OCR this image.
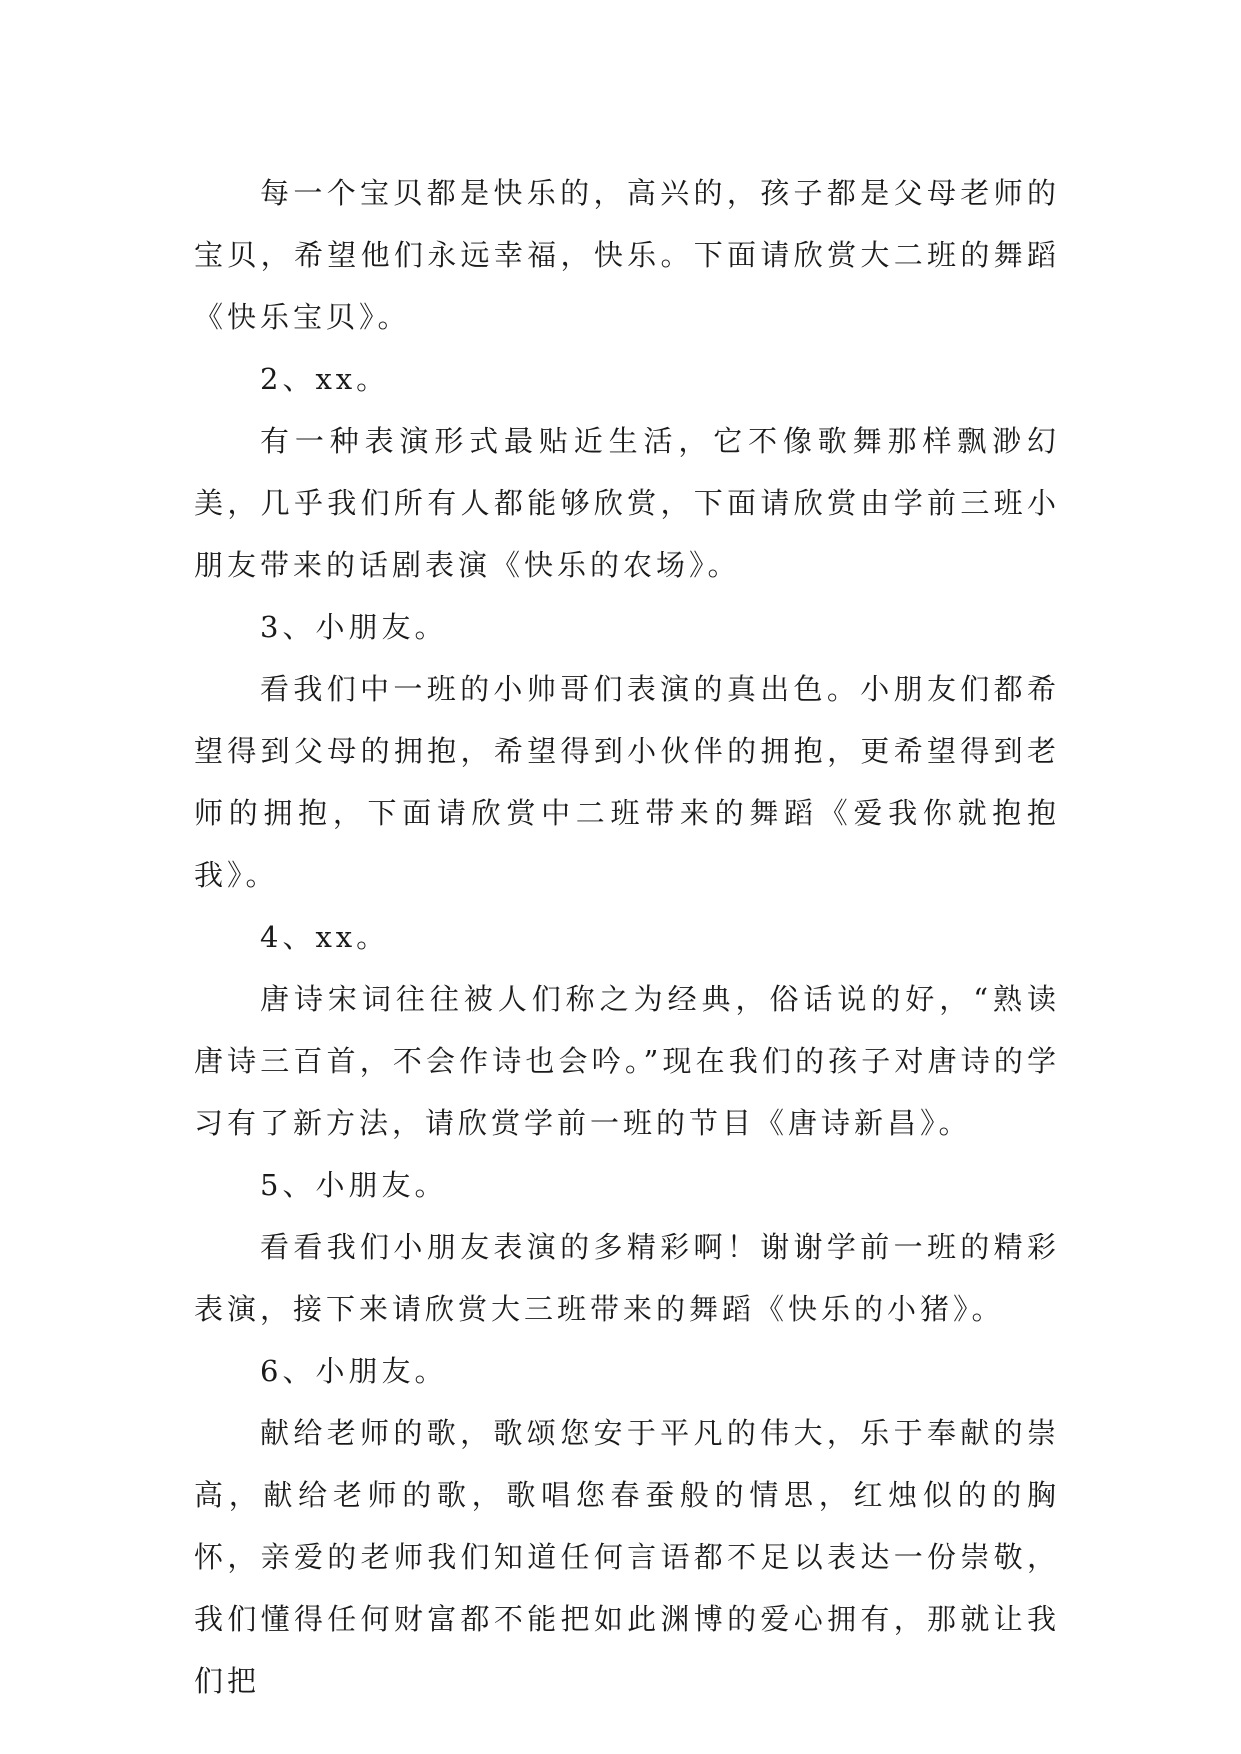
每一个宝贝都是快乐的，高兴的，孩子都是父母老师的宝贝，希望他们永远幸福，快乐。下面请欣赏大二班的舞蹈《快乐宝贝》。

2、xx。

有一种表演形式最贴近生活，它不像歌舞那样飘渺幻美，几乎我们所有人都能够欣赏，下面请欣赏由学前三班小朋友带来的话剧表演《快乐的农场》。

3、小朋友。

看我们中一班的小帅哥们表演的真出色。小朋友们都希望得到父母的拥抱，希望得到小伙伴的拥抱，更希望得到老师的拥抱，下面请欣赏中二班带来的舞蹈《爱我你就抱抱我》。

4、xx。

唐诗宋词往往被人们称之为经典，俗话说的好，“熟读唐诗三百首，不会作诗也会吟。”现在我们的孩子对唐诗的学习有了新方法，请欣赏学前一班的节目《唐诗新昌》。

5、小朋友。

看看我们小朋友表演的多精彩啊！谢谢学前一班的精彩表演，接下来请欣赏大三班带来的舞蹈《快乐的小猪》。

6、小朋友。

献给老师的歌，歌颂您安于平凡的伟大，乐于奉献的崇高，献给老师的歌，歌唱您春蚕般的情思，红烛似的的胸怀，亲爱的老师我们知道任何言语都不足以表达一份崇敬，我们懂得任何财富都不能把如此渊博的爱心拥有，那就让我们把
